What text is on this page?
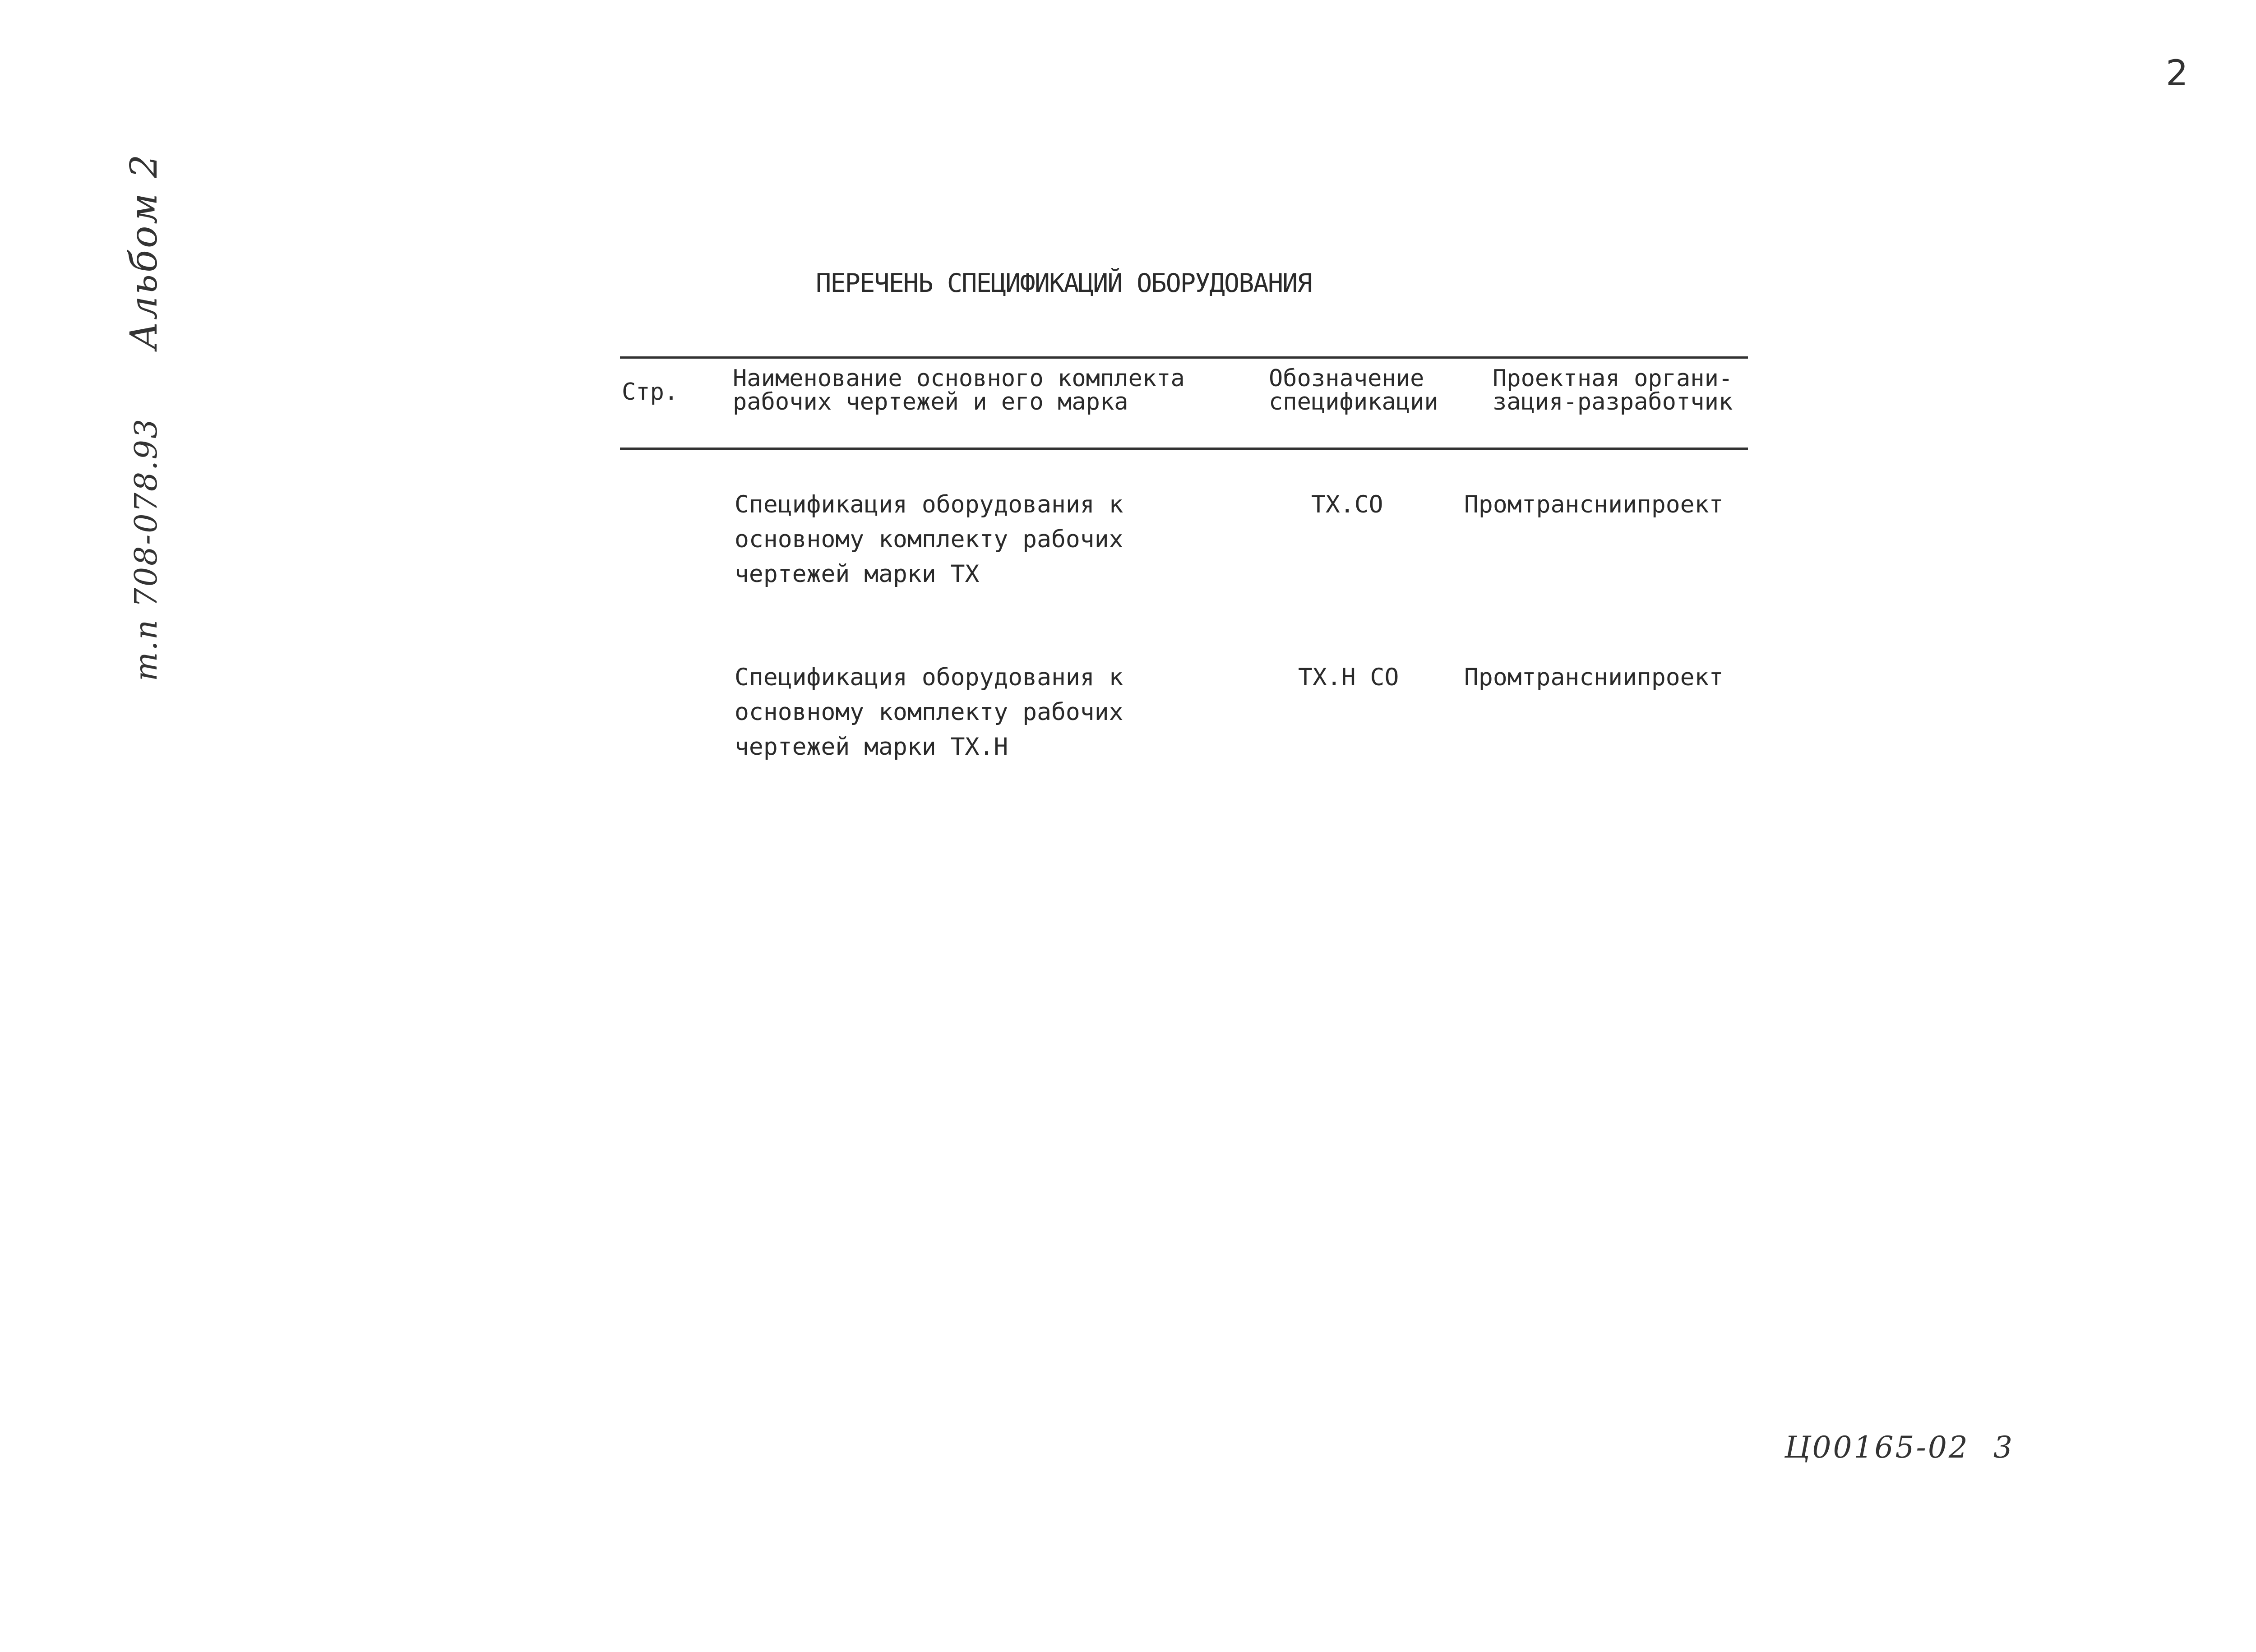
2
Альбом 2
т.п 708-078.93
ПЕРЕЧЕНЬ СПЕЦИФИКАЦИЙ ОБОРУДОВАНИЯ
Стр. Наименование основного комплекта
рабочих чертежей и его марка
Обозначение
спецификации
Проектная органи-
зация-разработчик
Спецификация оборудования к
основному комплекту рабочих
чертежей марки ТХ
ТХ.СО	Промтрансниипроект
Спецификация оборудования к
основному комплекту рабочих
чертежей марки ТХ.Н
ТХ.Н СО	Промтрансниипроект
Ц00165-02 3
